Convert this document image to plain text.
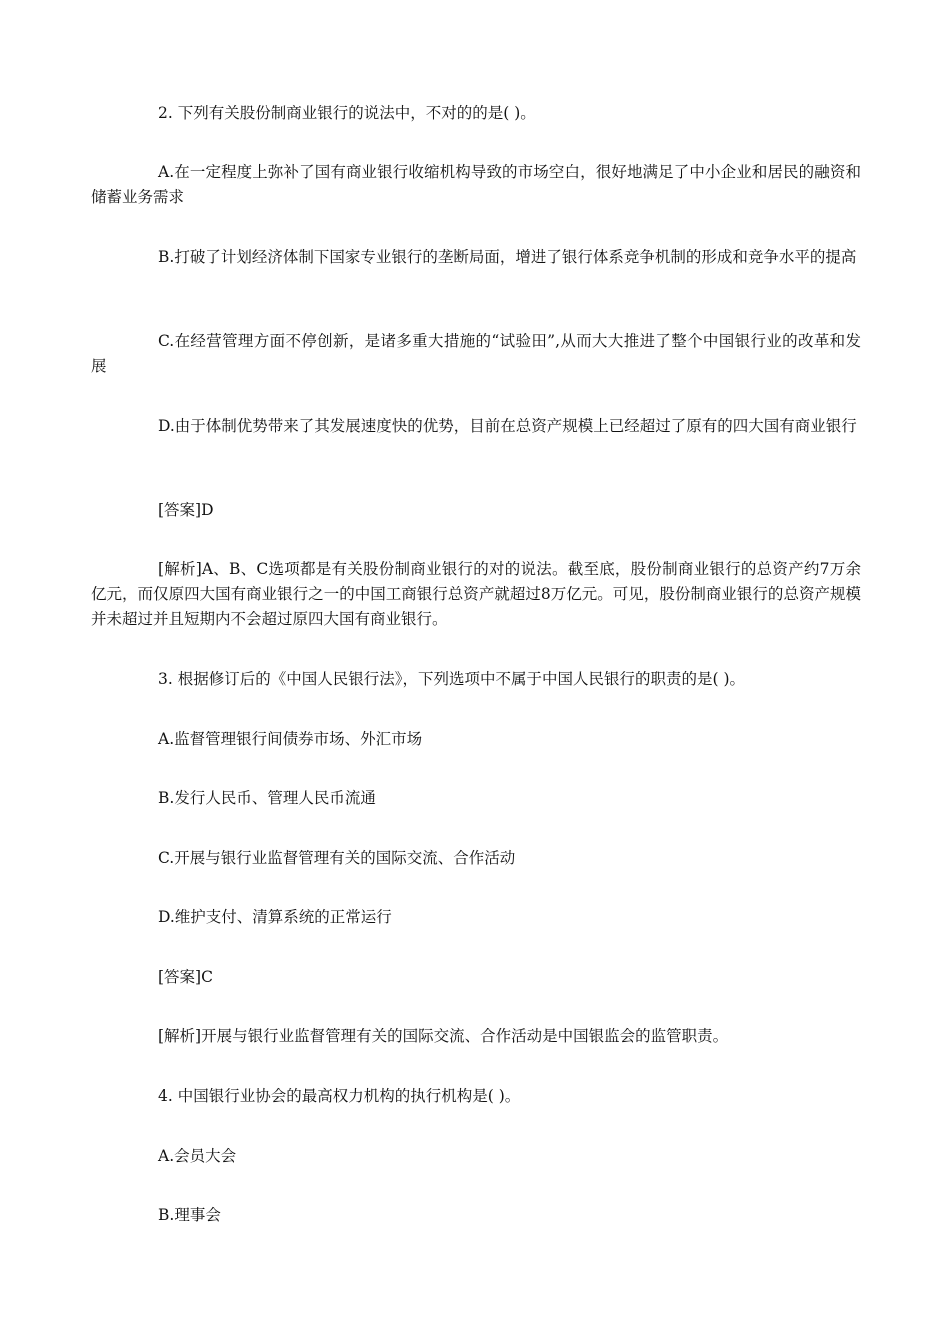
2. 下列有关股份制商业银行的说法中，不对的的是( )。

A.在一定程度上弥补了国有商业银行收缩机构导致的市场空白，很好地满足了中小企业和居民的融资和储蓄业务需求

B.打破了计划经济体制下国家专业银行的垄断局面，增进了银行体系竞争机制的形成和竞争水平的提高

C.在经营管理方面不停创新，是诸多重大措施的“试验田”,从而大大推进了整个中国银行业的改革和发展

D.由于体制优势带来了其发展速度快的优势，目前在总资产规模上已经超过了原有的四大国有商业银行

[答案]D

[解析]A、B、C选项都是有关股份制商业银行的对的说法。截至底，股份制商业银行的总资产约7万余亿元，而仅原四大国有商业银行之一的中国工商银行总资产就超过8万亿元。可见，股份制商业银行的总资产规模并未超过并且短期内不会超过原四大国有商业银行。

3. 根据修订后的《中国人民银行法》，下列选项中不属于中国人民银行的职责的是( )。

A.监督管理银行间债券市场、外汇市场

B.发行人民币、管理人民币流通

C.开展与银行业监督管理有关的国际交流、合作活动

D.维护支付、清算系统的正常运行

[答案]C

[解析]开展与银行业监督管理有关的国际交流、合作活动是中国银监会的监管职责。

4. 中国银行业协会的最高权力机构的执行机构是( )。

A.会员大会

B.理事会
